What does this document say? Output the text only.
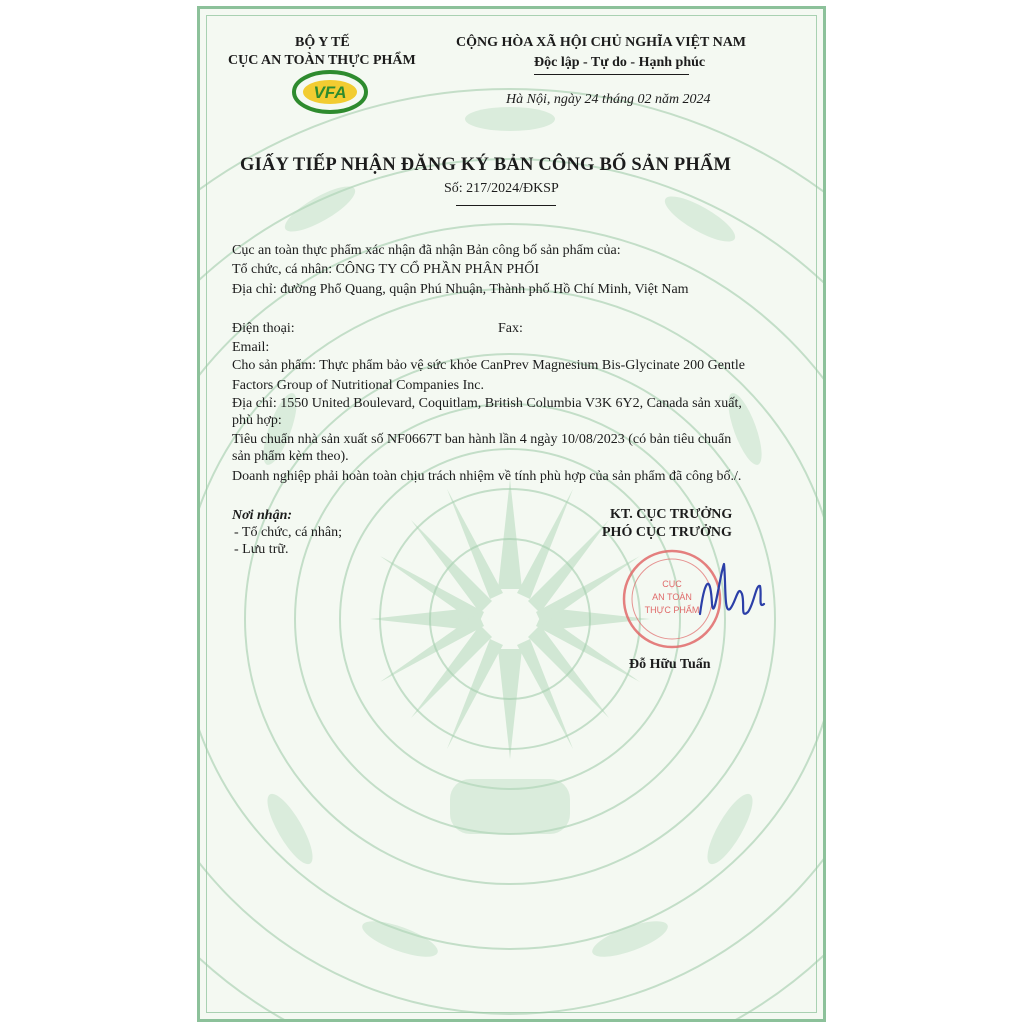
BỘ Y TẾ
CỤC AN TOÀN THỰC PHẨM
VFA
CỘNG HÒA XÃ HỘI CHỦ NGHĨA VIỆT NAM
Độc lập - Tự do - Hạnh phúc
Hà Nội, ngày 24 tháng 02 năm 2024
GIẤY TIẾP NHẬN ĐĂNG KÝ BẢN CÔNG BỐ SẢN PHẨM
Số: 217/2024/ĐKSP
Cục an toàn thực phẩm xác nhận đã nhận Bản công bố sản phẩm của:
Tổ chức, cá nhân: CÔNG TY CỔ PHẦN PHÂN PHỐI
Địa chỉ: đường Phổ Quang, quận Phú Nhuận, Thành phố Hồ Chí Minh, Việt Nam
Điện thoại:	Fax:
Email:
Cho sản phẩm: Thực phẩm bảo vệ sức khỏe CanPrev Magnesium Bis-Glycinate 200 Gentle
Factors Group of Nutritional Companies Inc.
Địa chỉ: 1550 United Boulevard, Coquitlam, British Columbia V3K 6Y2, Canada sản xuất,
phù hợp:
Tiêu chuẩn nhà sản xuất số NF0667T ban hành lần 4 ngày 10/08/2023 (có bản tiêu chuẩn
sản phẩm kèm theo).
Doanh nghiệp phải hoàn toàn chịu trách nhiệm về tính phù hợp của sản phẩm đã công bố./.
Nơi nhận:
- Tổ chức, cá nhân;
- Lưu trữ.
KT. CỤC TRƯỞNG
PHÓ CỤC TRƯỞNG
CỤC
AN TOÀN
THỰC PHẨM
Đỗ Hữu Tuấn
